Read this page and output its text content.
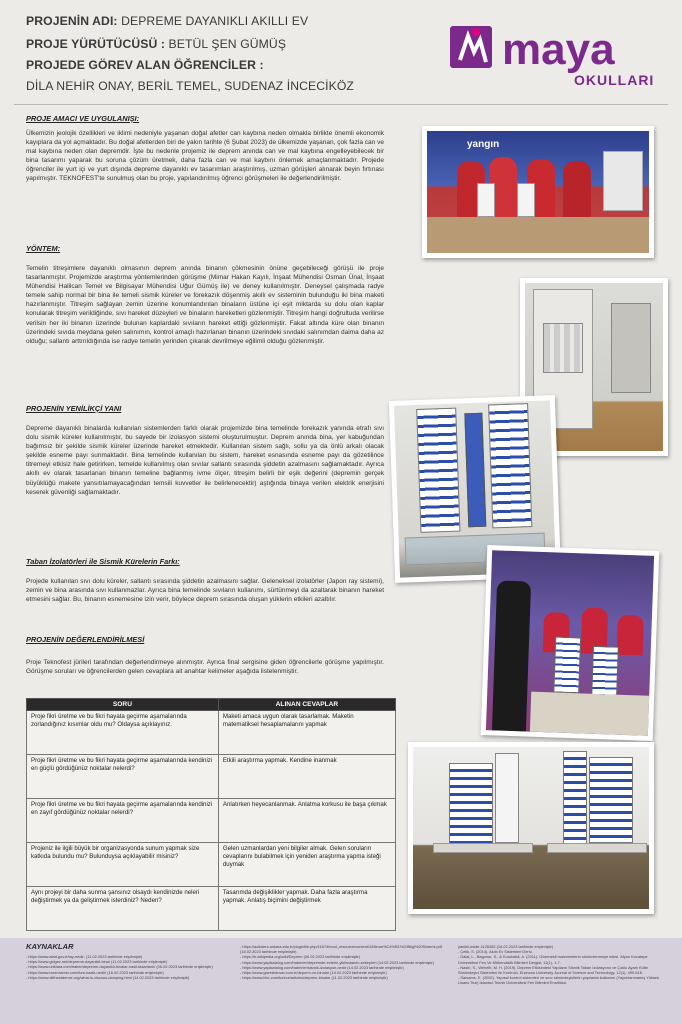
PROJENİN ADI: DEPREME DAYANIKLI AKILLI EV
PROJE YÜRÜTÜCÜSÜ : BETÜL ŞEN GÜMÜŞ
PROJEDE GÖREV ALAN ÖĞRENCİLER :
DİLA NEHİR ONAY, BERİL TEMEL, SUDENAZ İNCECİKÖZ
maya
OKULLARI
PROJE AMACI VE UYGULANIŞI:
Ülkemizin jeolojik özellikleri ve iklimi nedeniyle yaşanan doğal afetler can kaybına neden olmakla birlikte önemli ekonomik kayıplara da yol açmaktadır. Bu doğal afetlerden biri de yakın tarihte (6 Şubat 2023) de ülkemizde yaşanan, çok fazla can ve mal kaybına neden olan depremdir. İşte bu nedenle projemiz ile deprem anında can ve mal kaybına engelleyebilecek bir bina tasarımı yaparak bu soruna çözüm üretmek, daha fazla can ve mal kaybını önlemek amaçlanmaktadır. Projede öğrenciler ile yurt içi ve yurt dışında depreme dayanıklı ev tasarımları araştırılmış, uzman görüşleri alınarak beyin fırtınası yapılmıştır. TEKNOFEST'te sunulmuş olan bu proje, yapılandırılmış öğrenci görüşmeleri ile değerlendirilmiştir.
YÖNTEM:
Temelin titreşimlere dayanıklı olmasının deprem anında binanın çökmesinin önüne geçebileceği görüşü ile proje tasarlanmıştır. Projemizde araştırma yöntemlerinden görüşme (Mimar Hakan Kayılı, İnşaat Mühendisi Osman Ünal, İnşaat Mühendisi Halilcan Temel ve Bilgisayar Mühendisi Uğur Gümüş ile) ve deney kullanılmıştır. Deneysel çalışmada radye temele sahip normal bir bina ile temeli sismik küreler ve forekazık döşenmiş akıllı ev sisteminin bulunduğu iki bina maketi hazırlanmıştır. Titreşim sağlayan zemin üzerine konumlandırılan binaların üstüne içi eşit miktarda su dolu olan kaplar konularak titreşim verildiğinde, sıvı hareket düzeyleri ve binaların hareketleri gözlenmiştir. Titreşim hangi doğrultuda verilirse verilsin her iki binanın üzerinde bulunan kaplardaki sıvıların hareket ettiği gözlenmiştir. Fakat altında küre olan binanın üzerindeki sıvıda meydana gelen salınımın, kontrol amaçlı hazırlanan binanın üzerindeki sıvıdaki salınımdan daima daha az olduğu; sallantı arttırıldığında ise radye temelin yerinden çıkarak devrilmeye eğilimli olduğu gözlenmiştir.
PROJENİN YENİLİKÇİ YANI
Depreme dayanıklı binalarda kullanılan sistemlerden farklı olarak projemizde bina temelinde forekazık yanında etrafı sıvı dolu sismik küreler kullanılmıştır, bu sayede bir izolasyon sistemi oluşturulmuştur. Deprem anında bina, yer kabuğundan bağımsız bir şekilde sismik küreler üzerinde hareket etmektedir. Kullanılan sistem sağlı, sollu ya da önlü arkalı olacak şekilde esneme payı sunmaktadır. Bina temelinde kullanılan bu sistem, hareket esnasında esneme payı da gözetilince titremeyi etkisiz hale getirirken, temelde kullanılmış olan sıvılar sallantı sırasında şiddetin azalmasını sağlamaktadır. Ayrıca akıllı ev olarak tasarlanan binanın temeline bağlanmış ivme ölçer, titreşim belirli bir eşik değerini (depremin gerçek büyüklüğü makete yansıtılamayacağından temsili kuvvetler ile belirlenecektir) aştığında binaya verilen elektrik enerjisini keserek güvenliği sağlamaktadır.
Taban İzolatörleri ile Sismik Kürelerin Farkı:
Projede kullanılan sıvı dolu küreler, sallantı sırasında şiddetin azalmasını sağlar. Geleneksel izolatörler (Japon ray sistemi), zemin ve bina arasında sıvı kullanmazlar. Ayrıca bina temelinde sıvıların kullanımı, sürtünmeyi da azaltarak binanın hareket etmesini sağlar. Bu, binanın esnemesine izin verir, böylece deprem sırasında oluşan yüklerin etkileri azaltılır.
PROJENİN DEĞERLENDİRİLMESİ
Proje Teknofest jürileri tarafından değerlendirmeye alınmıştır. Ayrıca final sergisine giden öğrencilerle görüşme yapılmıştır. Görüşme soruları ve öğrencilerden gelen cevaplara ait anahtar kelimeler aşağıda listelenmiştir.
SORU	ALINAN CEVAPLAR
Proje fikri üretme ve bu fikri hayata geçirme aşamalarında zorlandığınız kısımlar oldu mu? Oldaysa açıklayınız.	Maketi amaca uygun olarak tasarlamak. Maketin matematiksel hesaplamalarını yapmak
Proje fikri üretme ve bu fikri hayata geçirme aşamalarında kendinizi en güçlü gördüğünüz noktalar nelerdi?	Etkili araştırma yapmak. Kendine inanmak
Proje fikri üretme ve bu fikri hayata geçirme aşamalarında kendinizi en zayıf gördüğünüz noktalar nelerdi?	Anlatırken heyecanlanmak. Anlatma korkusu ile başa çıkmak
Projeniz ile ilgili büyük bir organizasyonda sunum yapmak size katkıda bulundu mu? Bulunduysa açıklayabilir misiniz?	Gelen uzmanlardan yeni bilgiler almak. Gelen soruların cevaplarını bulabilmek için yeniden araştırma yapma isteği duymak
Aynı projeyi bir daha sunma şansınız olsaydı kendinizde neleri değiştirmek ya da geliştirmek isterdiniz? Neden?	Tasarımda değişiklikler yapmak. Daha fazla araştırma yapmak. Anlatış biçimini değiştirmek
yangın
KAYNAKLAR
- https://www.afad.gov.tr/tay-nedir- (11.02.2023 tarihinde erişilmiştir)
- https://www.gelgec.net/depreme-dayanikli-bina/ (11.02.2023 tarihinde erişilmiştir)
- https://www.urtklara.com/haber/depreme-dayanikli-binalar-nasil-tasarlanir/ (06.02.2023 tarihinde erişilmiştir)
- https://www.izmirclamin.com/fore-kazik-nedir/ (16.02.2023 tarihinde erişilmiştir)
- https://www.allthesisience.org/what-is-viscous-damping.html (14.02.2023 tarihinde erişilmiştir)
- https://acikders.ankara.edu.tr/pluginfile.php/11674/mod_resource/content/1/Mimar%C4%B1%20Bilgi%20Sistemi.pdf (16.02.2023 tarihinde erişilmiştir)
- https://tr.wikipedia.org/wiki/Deprem (06.02.2023 tarihinde erişilmiştir)
- https://www.yapikatalog.com/haberler/depremde-evlerin-yikilmasinin-sebepleri (14.02.2023 tarihinde erişilmiştir)
- https://www.yapikatalog.com/haberler/sismik-izolasyon-nedir (14.02.2023 tarihinde erişilmiştir)
- https://www.gazeteduvar.com.tr/deprem-ve-binalar (14.02.2023 tarihinde erişilmiştir)
- https://www.bbc.com/turkce/articles/deprem-binalar (11.02.2023 tarihinde erişilmiştir)
yanikli-esidir-1126282 (16.02.2023 tarihinde erişilmiştir)
- Çelik, S. (2014). Akıllı Ev Sistemleri Dersi.
- Dalal, L., Bagonar, S., & Kurubaldi, A. (2011). Gözenekli malzemelerin sönümlenmeye etkisi. Afyon Kocatepe Üniversitesi Fen Ve Mühendislik Bilimleri Dergisi, 11(1), 1-7.
- Nasiri, S., Wehelb, M. H. (2019). Deprem Etkisindeki Yapıların Sismik Taban İzolasyonu ve Çoklu Ayarlı Kütle Sönümleyici Sistemleri ile Kontrolü. Erzincan University Journal of Science and Technology, 12(1), 499-516.
- Sarsams, E. (2002). Yapısal kontrol sistemleri ve sınır sönümleyicilerin yapılarda kullanımı (Yayımlanmamış Yüksek Lisans Tezi) İstanbul Teknik Üniversitesi Fen Bilimleri Enstitüsü.
